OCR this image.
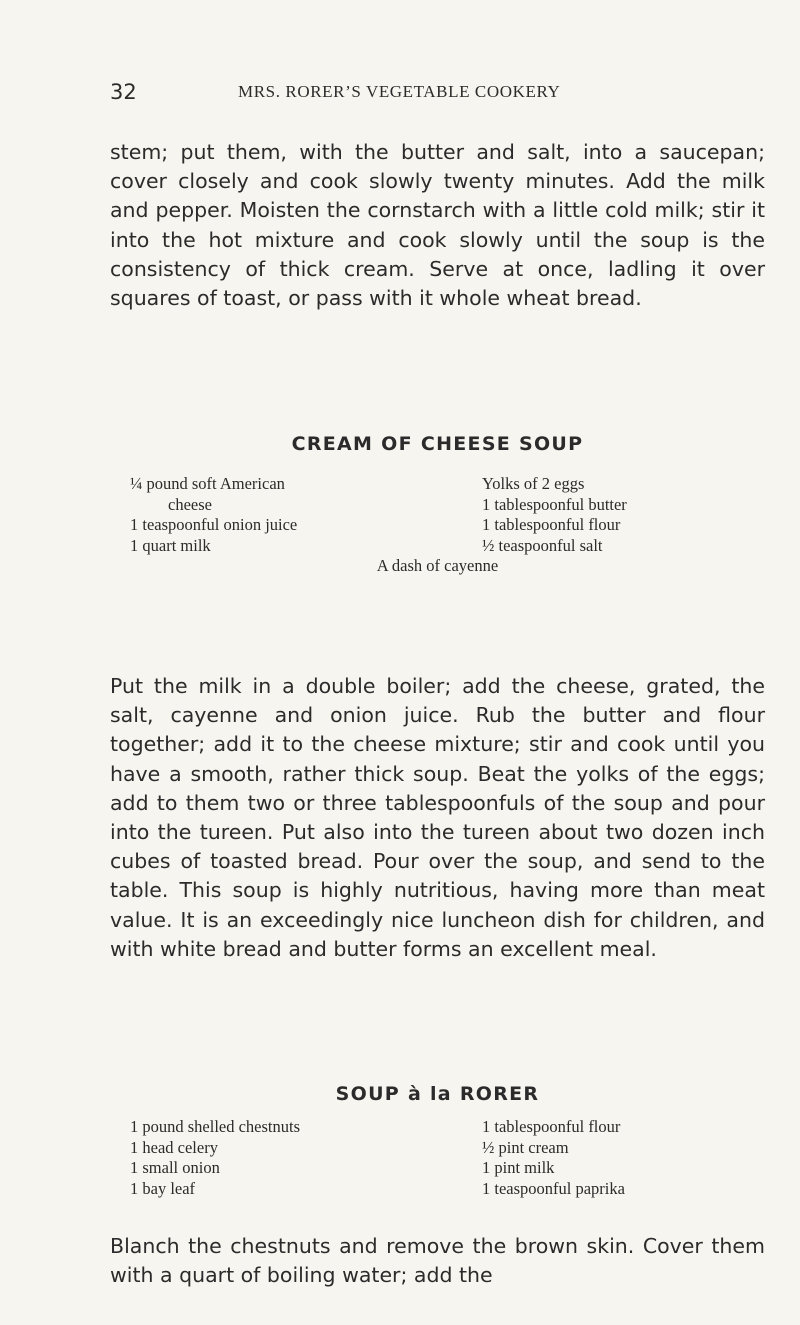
32	MRS. RORER’S VEGETABLE COOKERY

stem; put them, with the butter and salt, into a saucepan; cover closely and cook slowly twenty minutes. Add the milk and pepper. Moisten the cornstarch with a little cold milk; stir it into the hot mixture and cook slowly until the soup is the consistency of thick cream. Serve at once, ladling it over squares of toast, or pass with it whole wheat bread.

CREAM OF CHEESE SOUP
¼ pound soft American
cheese
1 teaspoonful onion juice
1 quart milk
Yolks of 2 eggs
1 tablespoonful butter
1 tablespoonful flour
½ teaspoonful salt
A dash of cayenne

Put the milk in a double boiler; add the cheese, grated, the salt, cayenne and onion juice. Rub the butter and flour together; add it to the cheese mixture; stir and cook until you have a smooth, rather thick soup. Beat the yolks of the eggs; add to them two or three tablespoonfuls of the soup and pour into the tureen. Put also into the tureen about two dozen inch cubes of toasted bread. Pour over the soup, and send to the table. This soup is highly nutritious, having more than meat value. It is an exceedingly nice luncheon dish for children, and with white bread and butter forms an excellent meal.

SOUP à la RORER
1 pound shelled chestnuts
1 head celery
1 small onion
1 bay leaf
1 tablespoonful flour
½ pint cream
1 pint milk
1 teaspoonful paprika

Blanch the chestnuts and remove the brown skin. Cover them with a quart of boiling water; add the
